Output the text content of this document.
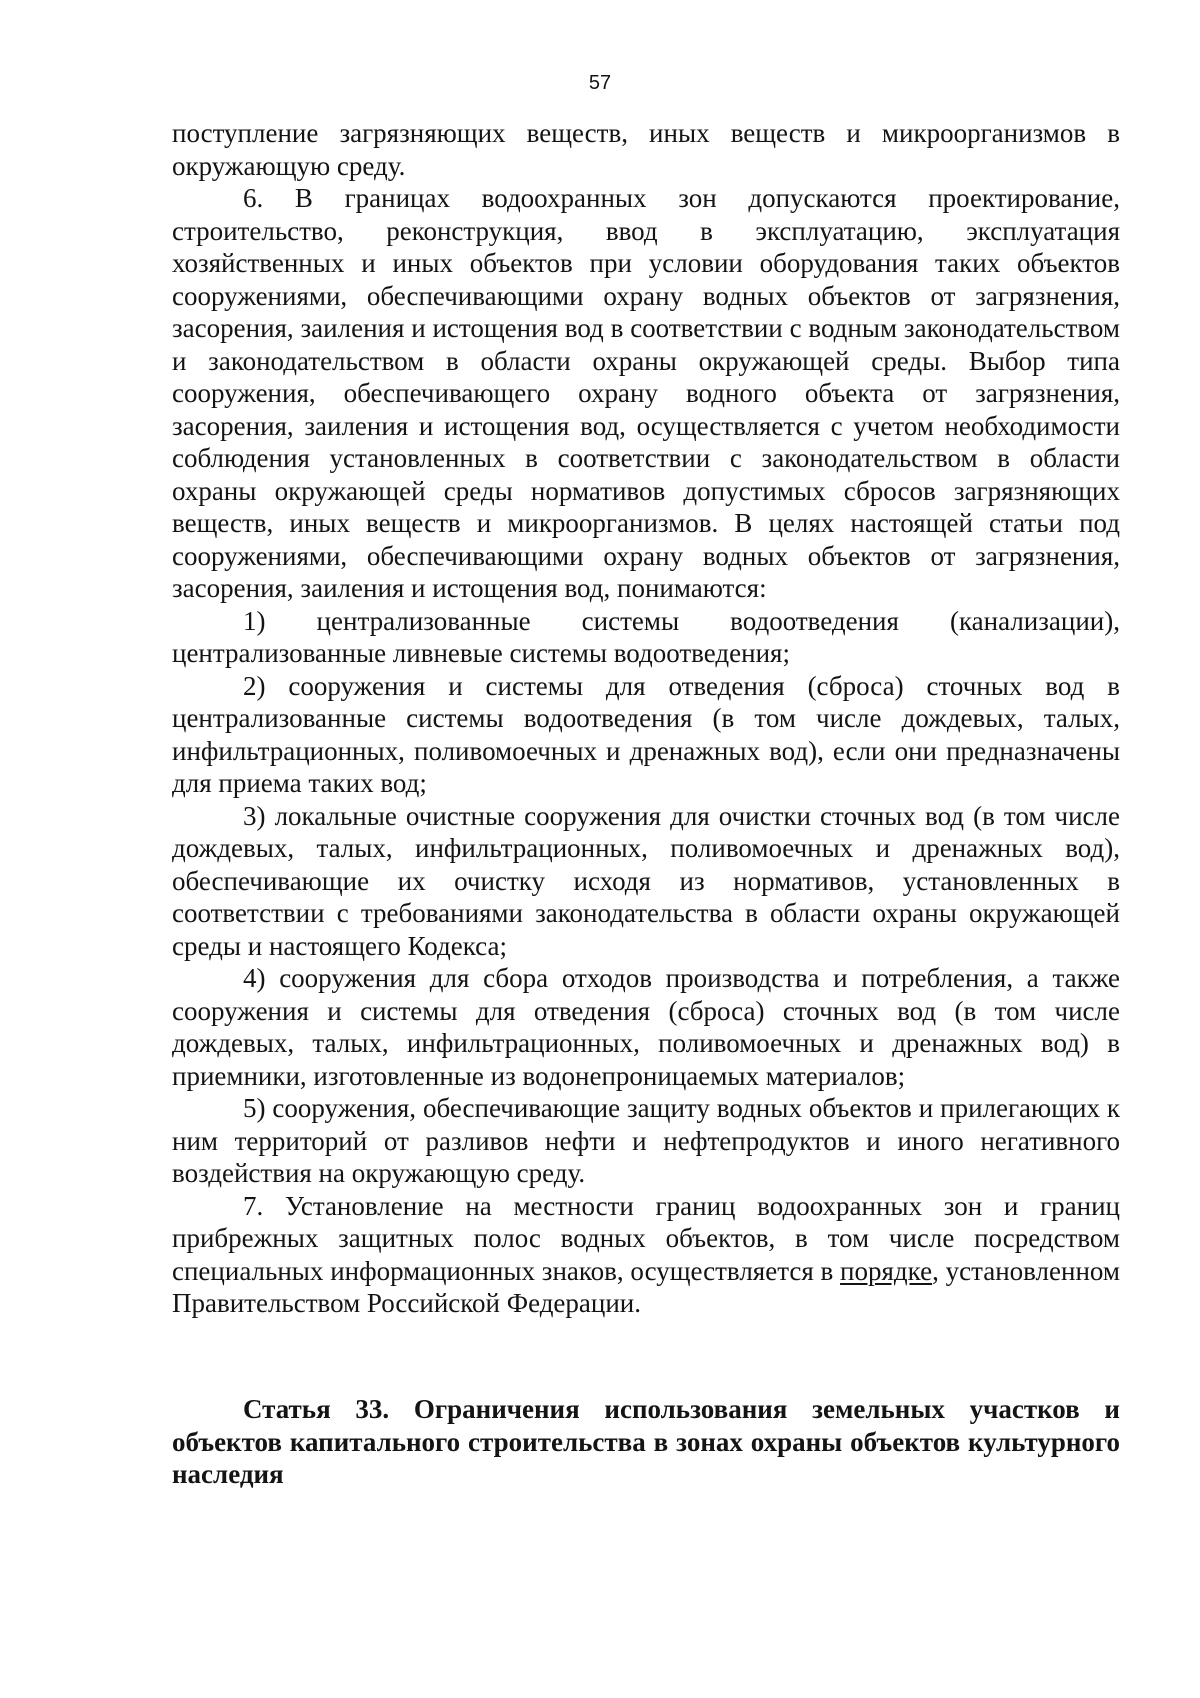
57

поступление загрязняющих веществ, иных веществ и микроорганизмов в окружающую среду.

6. В границах водоохранных зон допускаются проектирование, строительство, реконструкция, ввод в эксплуатацию, эксплуатация хозяйственных и иных объектов при условии оборудования таких объектов сооружениями, обеспечивающими охрану водных объектов от загрязнения, засорения, заиления и истощения вод в соответствии с водным законодательством и законодательством в области охраны окружающей среды. Выбор типа сооружения, обеспечивающего охрану водного объекта от загрязнения, засорения, заиления и истощения вод, осуществляется с учетом необходимости соблюдения установленных в соответствии с законодательством в области охраны окружающей среды нормативов допустимых сбросов загрязняющих веществ, иных веществ и микроорганизмов. В целях настоящей статьи под сооружениями, обеспечивающими охрану водных объектов от загрязнения, засорения, заиления и истощения вод, понимаются:

1) централизованные системы водоотведения (канализации), централизованные ливневые системы водоотведения;

2) сооружения и системы для отведения (сброса) сточных вод в централизованные системы водоотведения (в том числе дождевых, талых, инфильтрационных, поливомоечных и дренажных вод), если они предназначены для приема таких вод;

3) локальные очистные сооружения для очистки сточных вод (в том числе дождевых, талых, инфильтрационных, поливомоечных и дренажных вод), обеспечивающие их очистку исходя из нормативов, установленных в соответствии с требованиями законодательства в области охраны окружающей среды и настоящего Кодекса;

4) сооружения для сбора отходов производства и потребления, а также сооружения и системы для отведения (сброса) сточных вод (в том числе дождевых, талых, инфильтрационных, поливомоечных и дренажных вод) в приемники, изготовленные из водонепроницаемых материалов;

5) сооружения, обеспечивающие защиту водных объектов и прилегающих к ним территорий от разливов нефти и нефтепродуктов и иного негативного воздействия на окружающую среду.

7. Установление на местности границ водоохранных зон и границ прибрежных защитных полос водных объектов, в том числе посредством специальных информационных знаков, осуществляется в порядке, установленном Правительством Российской Федерации.

Статья 33. Ограничения использования земельных участков и объектов капитального строительства в зонах охраны объектов культурного наследия
